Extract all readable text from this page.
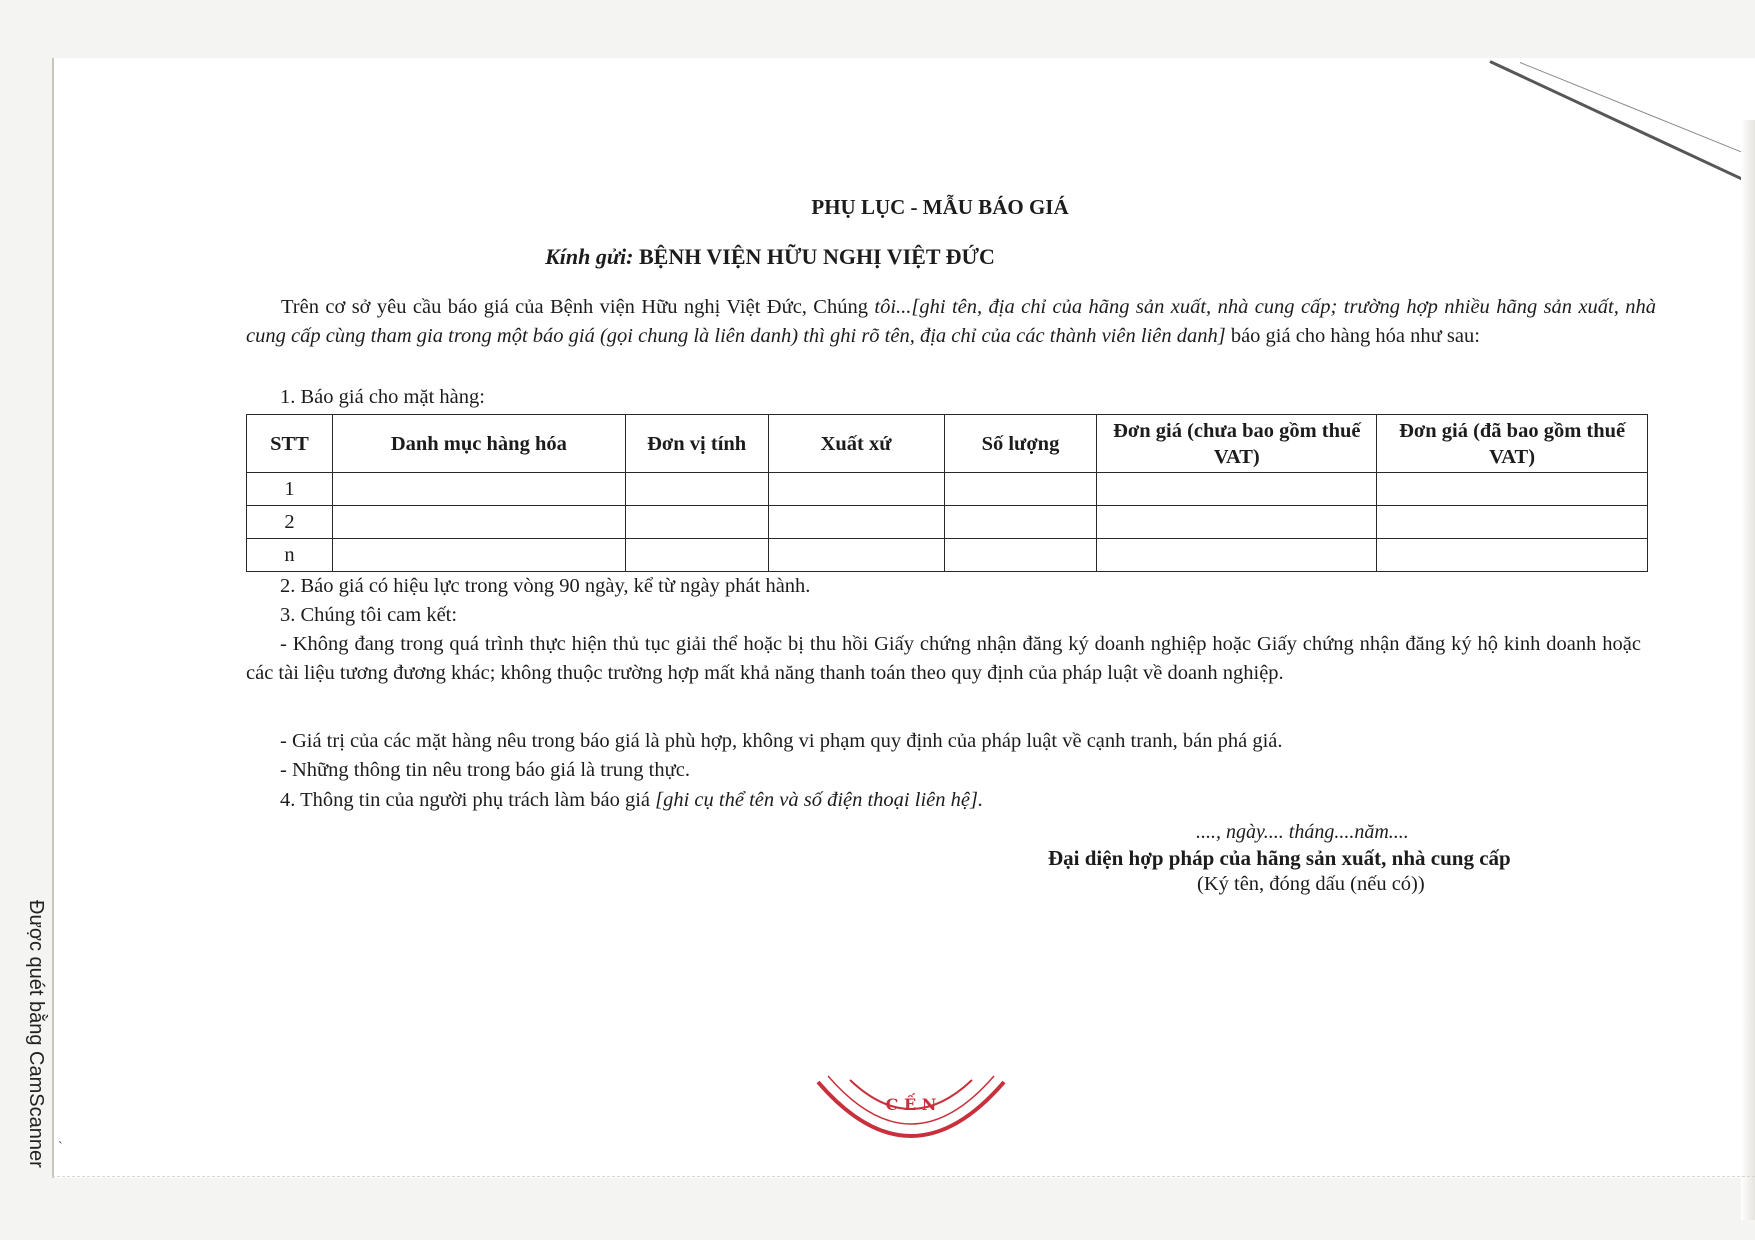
PHỤ LỤC - MẪU BÁO GIÁ
Kính gửi: BỆNH VIỆN HỮU NGHỊ VIỆT ĐỨC
Trên cơ sở yêu cầu báo giá của Bệnh viện Hữu nghị Việt Đức, Chúng tôi...[ghi tên, địa chỉ của hãng sản xuất, nhà cung cấp; trường hợp nhiều hãng sản xuất, nhà cung cấp cùng tham gia trong một báo giá (gọi chung là liên danh) thì ghi rõ tên, địa chỉ của các thành viên liên danh] báo giá cho hàng hóa như sau:
1. Báo giá cho mặt hàng:
STT	Danh mục hàng hóa	Đơn vị tính	Xuất xứ	Số lượng	Đơn giá (chưa bao gồm thuế VAT)	Đơn giá (đã bao gồm thuế VAT)
1						
2						
n						
2. Báo giá có hiệu lực trong vòng 90 ngày, kể từ ngày phát hành.
3. Chúng tôi cam kết:
- Không đang trong quá trình thực hiện thủ tục giải thể hoặc bị thu hồi Giấy chứng nhận đăng ký doanh nghiệp hoặc Giấy chứng nhận đăng ký hộ kinh doanh hoặc các tài liệu tương đương khác; không thuộc trường hợp mất khả năng thanh toán theo quy định của pháp luật về doanh nghiệp.
- Giá trị của các mặt hàng nêu trong báo giá là phù hợp, không vi phạm quy định của pháp luật về cạnh tranh, bán phá giá.
- Những thông tin nêu trong báo giá là trung thực.
4. Thông tin của người phụ trách làm báo giá [ghi cụ thể tên và số điện thoại liên hệ].
...., ngày.... tháng....năm....
Đại diện hợp pháp của hãng sản xuất, nhà cung cấp
(Ký tên, đóng dấu (nếu có))
C Ế N
Được quét bằng CamScanner `
